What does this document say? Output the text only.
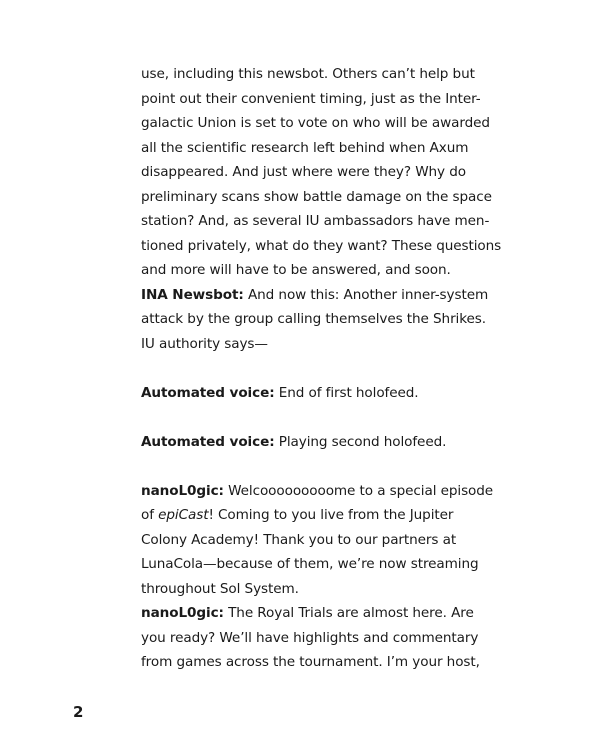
use, including this newsbot. Others can’t help but
point out their convenient timing, just as the Inter-
galactic Union is set to vote on who will be awarded
all the scientific research left behind when Axum
disappeared. And just where were they? Why do
preliminary scans show battle damage on the space
station? And, as several IU ambassadors have men-
tioned privately, what do they want? These questions
and more will have to be answered, and soon.
INA Newsbot: And now this: Another inner-system
attack by the group calling themselves the Shrikes.
IU authority says—
Automated voice: End of first holofeed.
Automated voice: Playing second holofeed.
nanoL0gic: Welcooooooooome to a special episode
of epiCast! Coming to you live from the Jupiter
Colony Academy! Thank you to our partners at
LunaCola—because of them, we’re now streaming
throughout Sol System.
nanoL0gic: The Royal Trials are almost here. Are
you ready? We’ll have highlights and commentary
from games across the tournament. I’m your host,
2
